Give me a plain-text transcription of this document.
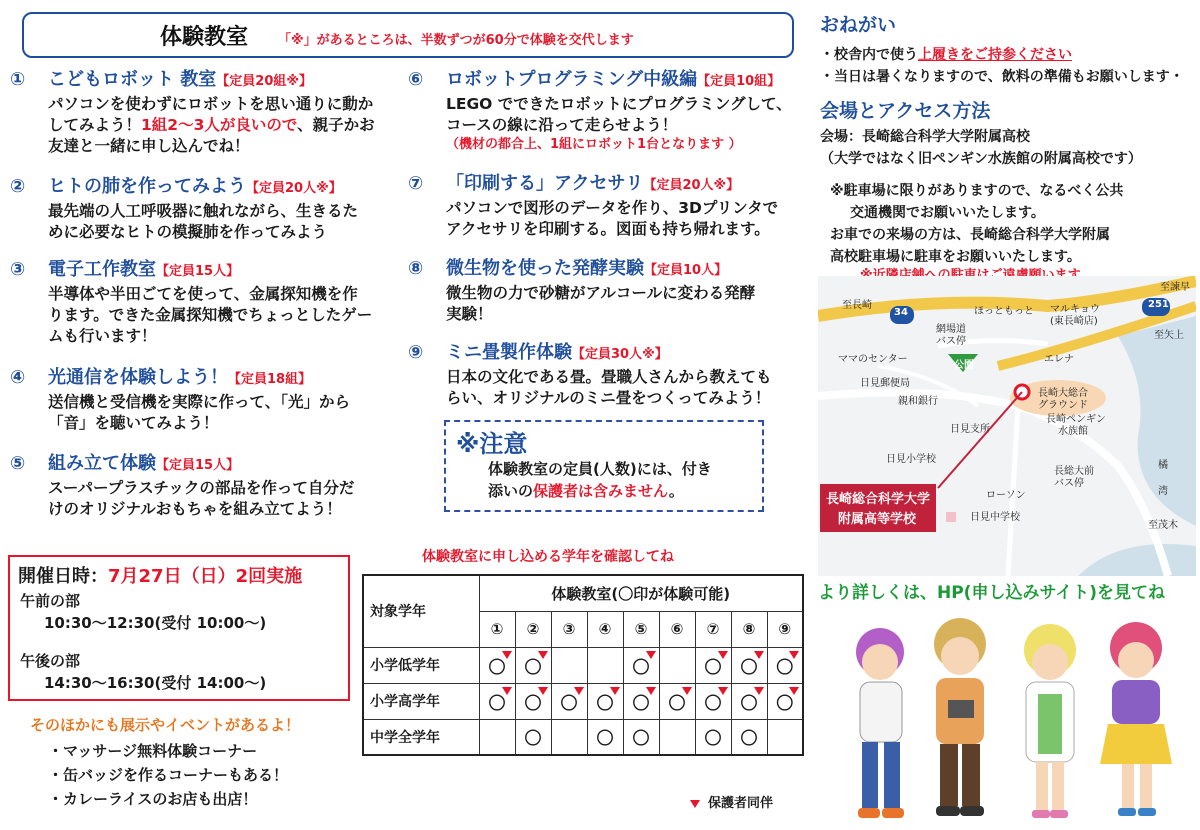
体験教室 「※」があるところは、半数ずつが60分で体験を交代します
① こどもロボット 教室【定員20組※】
パソコンを使わずにロボットを思い通りに動か
してみよう！1組2～3人が良いので、親子かお
友達と一緒に申し込んでね！
② ヒトの肺を作ってみよう【定員20人※】
最先端の人工呼吸器に触れながら、生きるた
めに必要なヒトの模擬肺を作ってみよう
③ 電子工作教室【定員15人】
半導体や半田ごてを使って、金属探知機を作
ります。できた金属探知機でちょっとしたゲー
ムも行います！
④ 光通信を体験しよう！【定員18組】
送信機と受信機を実際に作って、「光」から
「音」を聴いてみよう！
⑤ 組み立て体験【定員15人】
スーパープラスチックの部品を作って自分だ
けのオリジナルおもちゃを組み立てよう！
⑥ ロボットプログラミング中級編【定員10組】
LEGO でできたロボットにプログラミングして、
コースの線に沿って走らせよう！
（機材の都合上、1組にロボット1台となります ）
⑦ 「印刷する」アクセサリ【定員20人※】
パソコンで図形のデータを作り、3Dプリンタで
アクセサリを印刷する。図面も持ち帰れます。
⑧ 微生物を使った発酵実験【定員10人】
微生物の力で砂糖がアルコールに変わる発酵
実験！
⑨ ミニ畳製作体験【定員30人※】
日本の文化である畳。畳職人さんから教えても
らい、オリジナルのミニ畳をつくってみよう！
※注意
体験教室の定員(人数)には、付き
添いの保護者は含みません。
開催日時：7月27日（日）2回実施
午前の部
10:30～12:30(受付 10:00～)
午後の部
14:30～16:30(受付 14:00～)
そのほかにも展示やイベントがあるよ！
・マッサージ無料体験コーナー
・缶バッジを作るコーナーもある！
・カレーライスのお店も出店！
体験教室に申し込める学年を確認してね
対象学年	体験教室(〇印が体験可能)								
	①	②	③	④	⑤	⑥	⑦	⑧	⑨
小学低学年	〇	〇			〇		〇	〇	〇

小学高学年	〇	〇	〇	〇	〇	〇	〇	〇	〇

中学全学年		〇		〇	〇		〇	〇	
保護者同伴
おねがい
・校舎内で使う上履きをご持参ください
・当日は暑くなりますので、飲料の準備もお願いします・
会場とアクセス方法
会場：長崎総合科学大学附属高校
（大学ではなく旧ペンギン水族館の附属高校です）
※駐車場に限りがありますので、なるべく公共
交通機関でお願いいたします。
お車での来場の方は、長崎総合科学大学附属
高校駐車場に駐車をお願いいたします。
34
251
至長崎
至諫早
至矢上
至茂木
ほっともっと マルキョウ
(東長崎店)
網場道
バス停
ママのセンター
公園
エレナ
日見郵便局
長崎大総合
グラウンド
親和銀行
長崎ペンギン
水族館
橘
湾
日見支所
日見小学校
長総大前
バス停
ローソン
日見中学校
長崎総合科学大学
附属高等学校
より詳しくは、HP(申し込みサイト)を見てね
